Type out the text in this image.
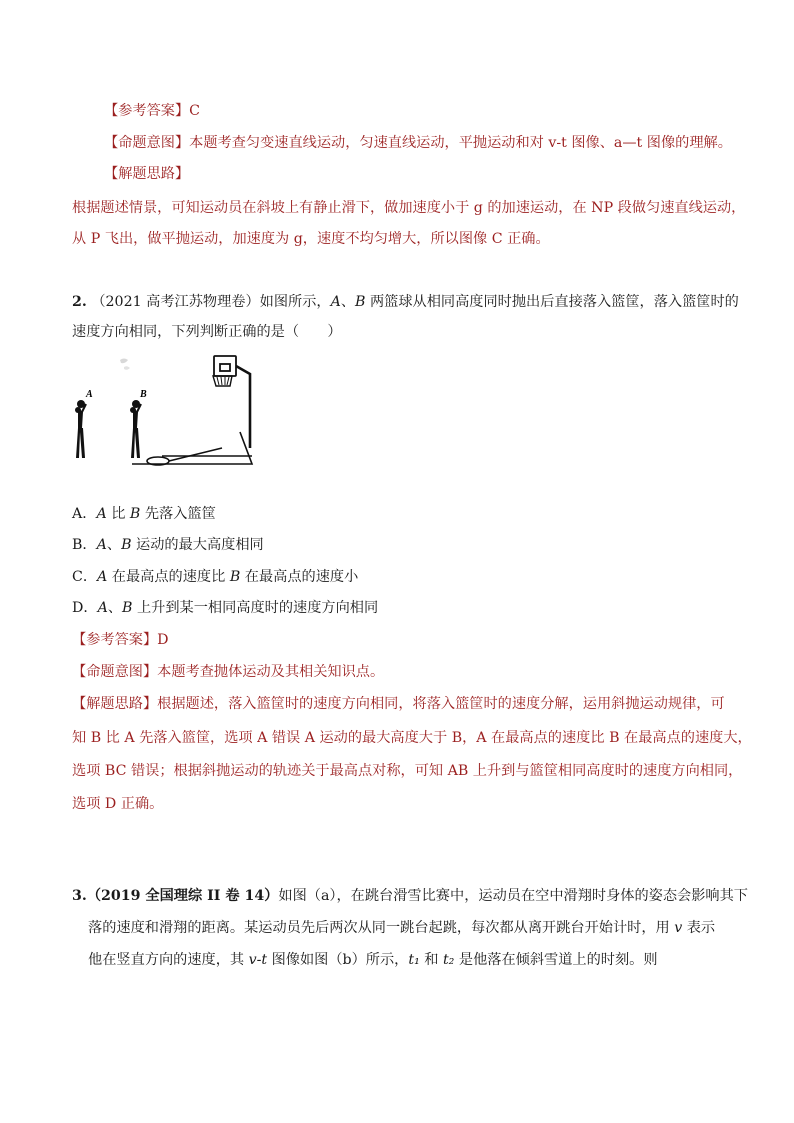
【参考答案】C
【命题意图】本题考查匀变速直线运动，匀速直线运动，平抛运动和对 v-t 图像、a—t 图像的理解。
【解题思路】
根据题述情景，可知运动员在斜坡上有静止滑下，做加速度小于 g 的加速运动，在 NP 段做匀速直线运动，
从 P 飞出，做平抛运动，加速度为 g，速度不均匀增大，所以图像 C 正确。
2. （2021 高考江苏物理卷）如图所示，A、B 两篮球从相同高度同时抛出后直接落入篮筐，落入篮筐时的
速度方向相同，下列判断正确的是（　　）
A	B
A．A 比 B 先落入篮筐
B．A、B 运动的最大高度相同
C．A 在最高点的速度比 B 在最高点的速度小
D．A、B 上升到某一相同高度时的速度方向相同
【参考答案】D
【命题意图】本题考查抛体运动及其相关知识点。
【解题思路】根据题述，落入篮筐时的速度方向相同，将落入篮筐时的速度分解，运用斜抛运动规律，可
知 B 比 A 先落入篮筐，选项 A 错误 A 运动的最大高度大于 B，A 在最高点的速度比 B 在最高点的速度大，
选项 BC 错误；根据斜抛运动的轨迹关于最高点对称，可知 AB 上升到与篮筐相同高度时的速度方向相同，
选项 D 正确。
3.（2019 全国理综 II 卷 14）如图（a），在跳台滑雪比赛中，运动员在空中滑翔时身体的姿态会影响其下
落的速度和滑翔的距离。某运动员先后两次从同一跳台起跳，每次都从离开跳台开始计时，用 v 表示
他在竖直方向的速度，其 v-t 图像如图（b）所示，t₁ 和 t₂ 是他落在倾斜雪道上的时刻。则
